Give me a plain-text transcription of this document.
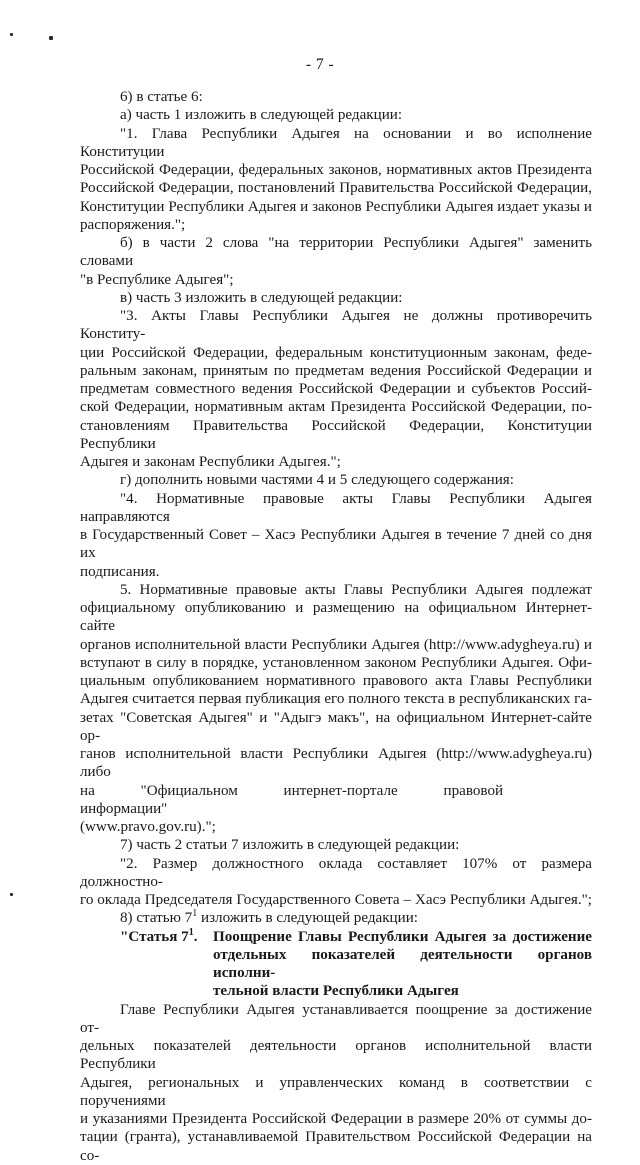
- 7 -

6) в статье 6:

а) часть 1 изложить в следующей редакции:

"1. Глава Республики Адыгея на основании и во исполнение Конституции

Российской Федерации, федеральных законов, нормативных актов Президента

Российской Федерации, постановлений Правительства Российской Федерации,

Конституции Республики Адыгея и законов Республики Адыгея издает указы и

распоряжения.";

б) в части 2 слова "на территории Республики Адыгея" заменить словами

"в Республике Адыгея";

в) часть 3 изложить в следующей редакции:

"3. Акты Главы Республики Адыгея не должны противоречить Конститу-

ции Российской Федерации, федеральным конституционным законам, феде-

ральным законам, принятым по предметам ведения Российской Федерации и

предметам совместного ведения Российской Федерации и субъектов Россий-

ской Федерации, нормативным актам Президента Российской Федерации, по-

становлениям Правительства Российской Федерации, Конституции Республики

Адыгея и законам Республики Адыгея.";

г) дополнить новыми частями 4 и 5 следующего содержания:

"4. Нормативные правовые акты Главы Республики Адыгея направляются

в Государственный Совет – Хасэ Республики Адыгея в течение 7 дней со дня их

подписания.

5. Нормативные правовые акты Главы Республики Адыгея подлежат

официальному опубликованию и размещению на официальном Интернет-сайте

органов исполнительной власти Республики Адыгея (http://www.adygheya.ru) и

вступают в силу в порядке, установленном законом Республики Адыгея. Офи-

циальным опубликованием нормативного правового акта Главы Республики

Адыгея считается первая публикация его полного текста в республиканских га-

зетах "Советская Адыгея" и "Адыгэ макъ", на официальном Интернет-сайте ор-

ганов исполнительной власти Республики Адыгея (http://www.adygheya.ru) либо

на "Официальном интернет-портале правовой информации"

(www.pravo.gov.ru).";

7) часть 2 статьи 7 изложить в следующей редакции:

"2. Размер должностного оклада составляет 107% от размера должностно-

го оклада Председателя Государственного Совета – Хасэ Республики Адыгея.";

8) статью $7^1$ изложить в следующей редакции:

"Статья $7^1$. Поощрение Главы Республики Адыгея за достижение

отдельных показателей деятельности органов исполни-

тельной власти Республики Адыгея

Главе Республики Адыгея устанавливается поощрение за достижение от-

дельных показателей деятельности органов исполнительной власти Республики

Адыгея, региональных и управленческих команд в соответствии с поручениями

и указаниями Президента Российской Федерации в размере 20% от суммы до-

тации (гранта), устанавливаемой Правительством Российской Федерации на со-
